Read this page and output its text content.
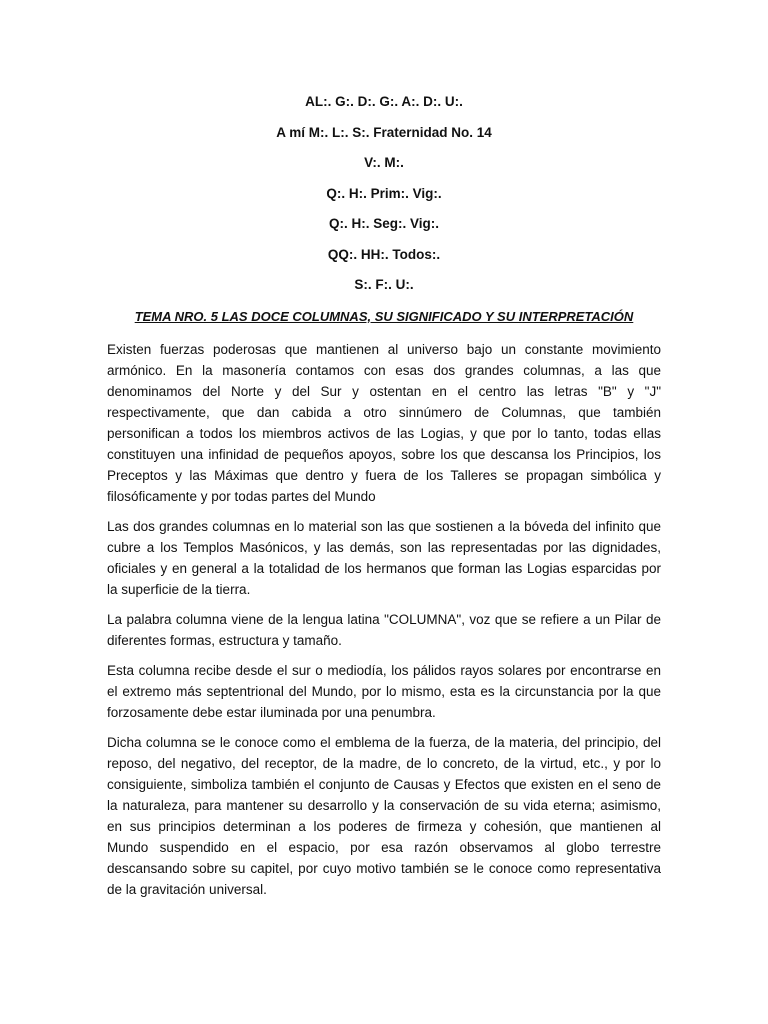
AL:. G:. D:. G:. A:. D:. U:.
A mí M:. L:. S:. Fraternidad No. 14
V:. M:.
Q:. H:. Prim:. Vig:.
Q:. H:. Seg:. Vig:.
QQ:. HH:. Todos:.
S:. F:. U:.
TEMA NRO. 5 LAS DOCE COLUMNAS, SU SIGNIFICADO Y SU INTERPRETACIÓN
Existen fuerzas poderosas que mantienen al universo bajo un constante movimiento
armónico. En la masonería contamos con esas dos grandes columnas, a las que
denominamos del Norte y del Sur y ostentan en el centro las letras "B" y "J"
respectivamente, que dan cabida a otro sinnúmero de Columnas, que también
personifican a todos los miembros activos de las Logias, y que por lo tanto, todas ellas
constituyen una infinidad de pequeños apoyos, sobre los que descansa los Principios, los
Preceptos y las Máximas que dentro y fuera de los Talleres se propagan simbólica y
filosóficamente y por todas partes del Mundo
Las dos grandes columnas en lo material son las que sostienen a la bóveda del infinito que
cubre a los Templos Masónicos, y las demás, son las representadas por las dignidades,
oficiales y en general a la totalidad de los hermanos que forman las Logias esparcidas por
la superficie de la tierra.
La palabra columna viene de la lengua latina "COLUMNA", voz que se refiere a un Pilar de
diferentes formas, estructura y tamaño.
Esta columna recibe desde el sur o mediodía, los pálidos rayos solares por encontrarse en
el extremo más septentrional del Mundo, por lo mismo, esta es la circunstancia por la que
forzosamente debe estar iluminada por una penumbra.
Dicha columna se le conoce como el emblema de la fuerza, de la materia, del principio, del
reposo, del negativo, del receptor, de la madre, de lo concreto, de la virtud, etc., y por lo
consiguiente, simboliza también el conjunto de Causas y Efectos que existen en el seno de
la naturaleza, para mantener su desarrollo y la conservación de su vida eterna; asimismo,
en sus principios determinan a los poderes de firmeza y cohesión, que mantienen al
Mundo suspendido en el espacio, por esa razón observamos al globo terrestre
descansando sobre su capitel, por cuyo motivo también se le conoce como representativa
de la gravitación universal.
